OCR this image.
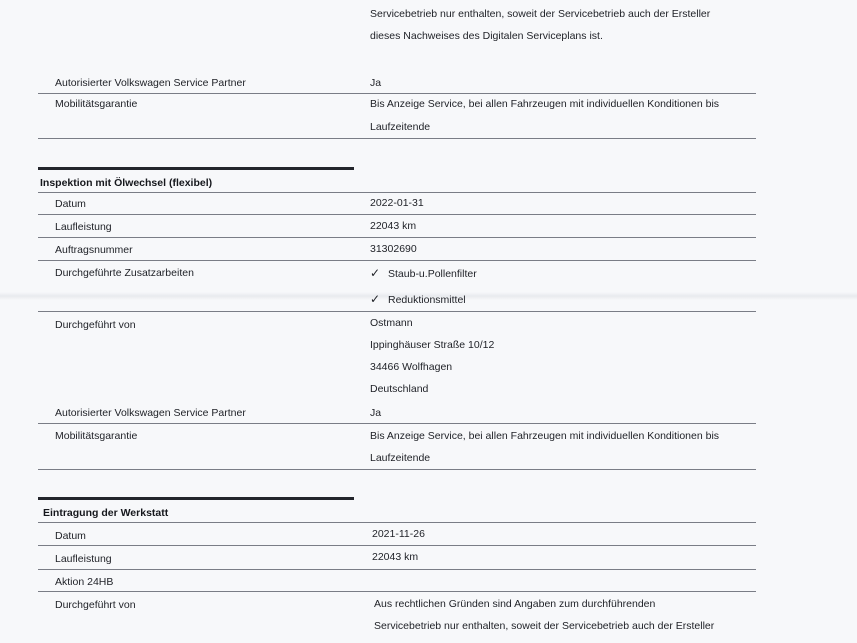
Servicebetrieb nur enthalten, soweit der Servicebetrieb auch der Ersteller
dieses Nachweises des Digitalen Serviceplans ist.
Autorisierter Volkswagen Service Partner	Ja
Mobilitätsgarantie	Bis Anzeige Service, bei allen Fahrzeugen mit individuellen Konditionen bis
Laufzeitende
Inspektion mit Ölwechsel (flexibel)
Datum	2022-01-31
Laufleistung	22043 km
Auftragsnummer	31302690
Durchgeführte Zusatzarbeiten	✓ Staub-u.Pollenfilter
✓ Reduktionsmittel
Durchgeführt von	Ostmann
Ippinghäuser Straße 10/12
34466 Wolfhagen
Deutschland
Autorisierter Volkswagen Service Partner	Ja
Mobilitätsgarantie	Bis Anzeige Service, bei allen Fahrzeugen mit individuellen Konditionen bis
Laufzeitende
Eintragung der Werkstatt
Datum	2021-11-26
Laufleistung	22043 km
Aktion 24HB
Durchgeführt von	Aus rechtlichen Gründen sind Angaben zum durchführenden
Servicebetrieb nur enthalten, soweit der Servicebetrieb auch der Ersteller
